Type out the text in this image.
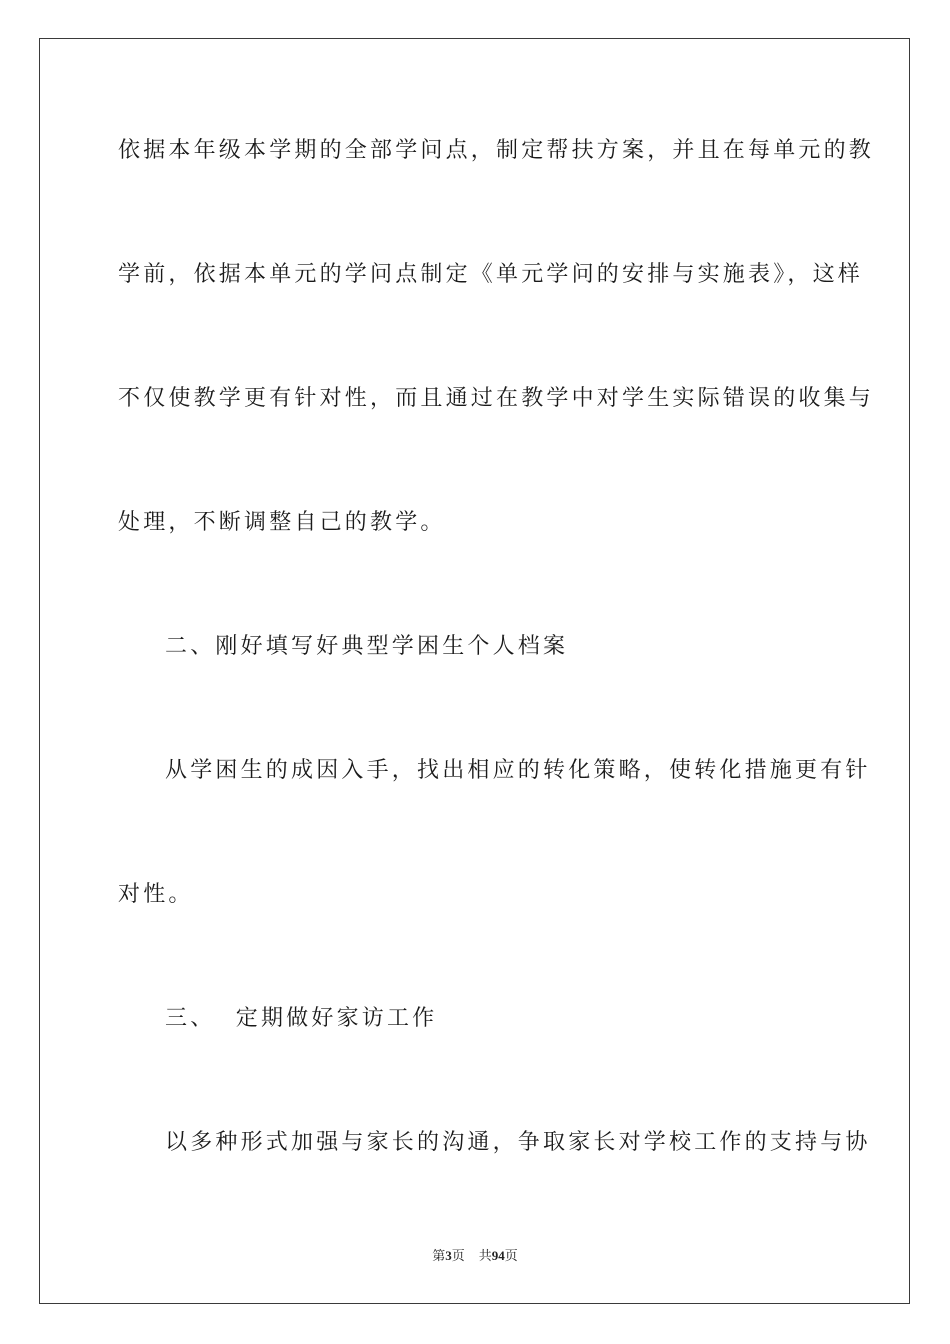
依据本年级本学期的全部学问点，制定帮扶方案，并且在每单元的教
学前，依据本单元的学问点制定《单元学问的安排与实施表》，这样
不仅使教学更有针对性，而且通过在教学中对学生实际错误的收集与
处理，不断调整自己的教学。
二、刚好填写好典型学困生个人档案
从学困生的成因入手，找出相应的转化策略，使转化措施更有针
对性。
三、  定期做好家访工作
以多种形式加强与家长的沟通，争取家长对学校工作的支持与协
第3页 共94页
